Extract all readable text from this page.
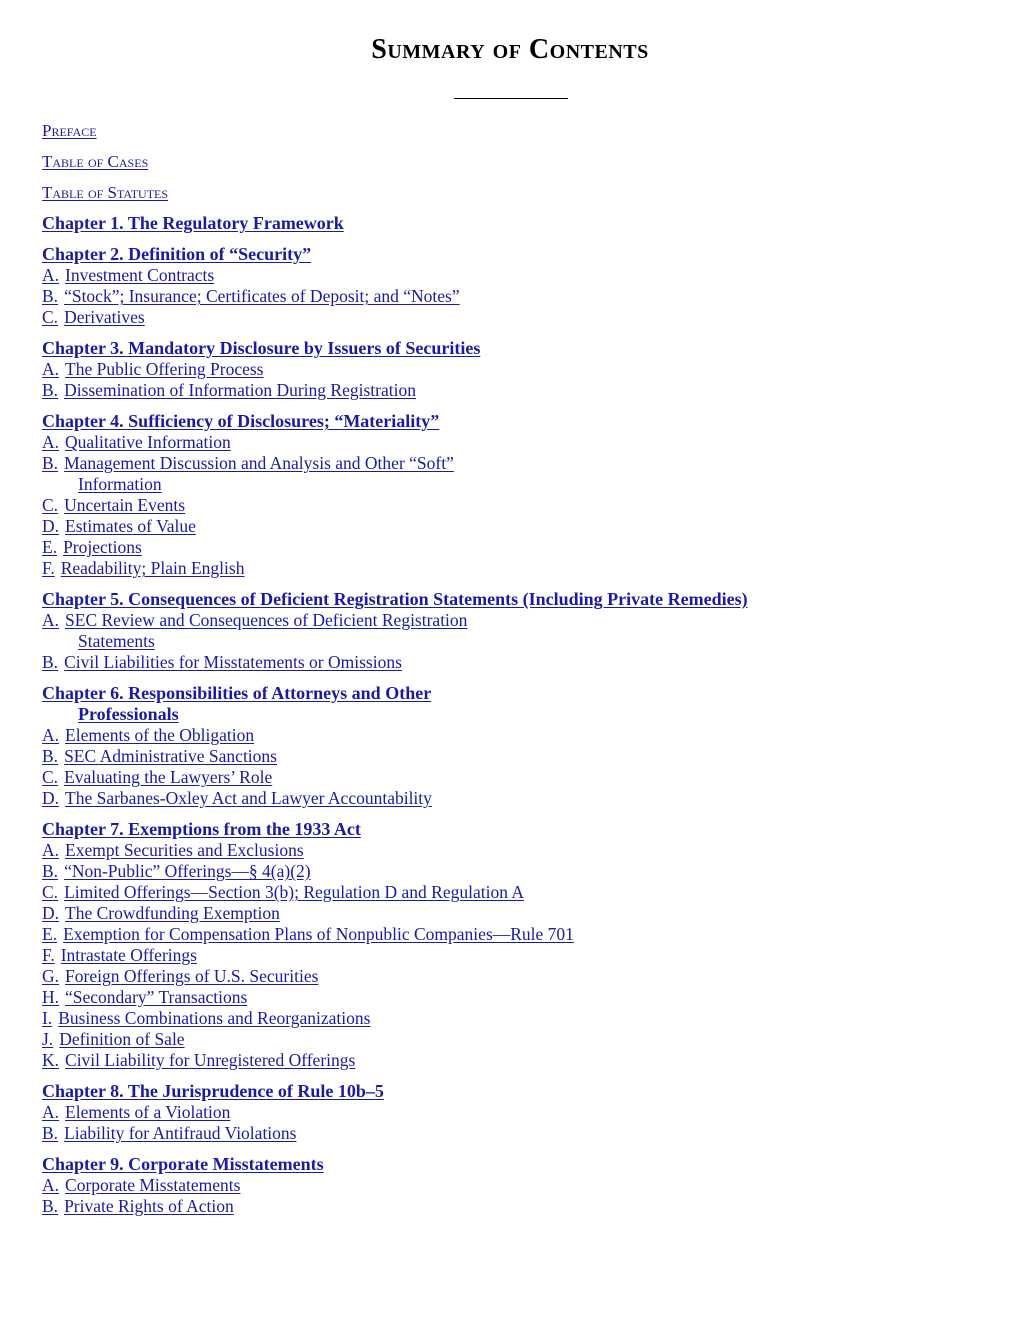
Summary of Contents
Preface
Table of Cases
Table of Statutes
Chapter 1. The Regulatory Framework
Chapter 2. Definition of “Security”
A. Investment Contracts
B. “Stock”; Insurance; Certificates of Deposit; and “Notes”
C. Derivatives
Chapter 3. Mandatory Disclosure by Issuers of Securities
A. The Public Offering Process
B. Dissemination of Information During Registration
Chapter 4. Sufficiency of Disclosures; “Materiality”
A. Qualitative Information
B. Management Discussion and Analysis and Other “Soft”
Information
C. Uncertain Events
D. Estimates of Value
E. Projections
F. Readability; Plain English
Chapter 5. Consequences of Deficient Registration Statements (Including Private Remedies)
A. SEC Review and Consequences of Deficient Registration
Statements
B. Civil Liabilities for Misstatements or Omissions
Chapter 6. Responsibilities of Attorneys and Other
Professionals
A. Elements of the Obligation
B. SEC Administrative Sanctions
C. Evaluating the Lawyers’ Role
D. The Sarbanes-Oxley Act and Lawyer Accountability
Chapter 7. Exemptions from the 1933 Act
A. Exempt Securities and Exclusions
B. “Non-Public” Offerings—§ 4(a)(2)
C. Limited Offerings—Section 3(b); Regulation D and Regulation A
D. The Crowdfunding Exemption
E. Exemption for Compensation Plans of Nonpublic Companies—Rule 701
F. Intrastate Offerings
G. Foreign Offerings of U.S. Securities
H. “Secondary” Transactions
I. Business Combinations and Reorganizations
J. Definition of Sale
K. Civil Liability for Unregistered Offerings
Chapter 8. The Jurisprudence of Rule 10b–5
A. Elements of a Violation
B. Liability for Antifraud Violations
Chapter 9. Corporate Misstatements
A. Corporate Misstatements
B. Private Rights of Action
